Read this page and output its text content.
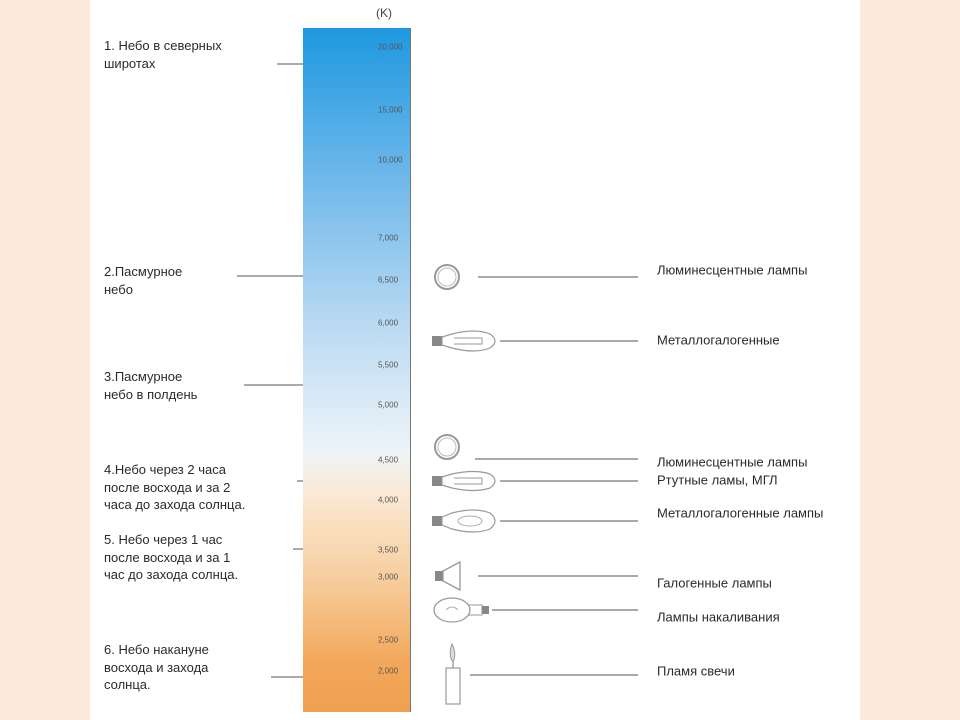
(K)
20,000
15,000
10,000
7,000
6,500
6,000
5,500
5,000
4,500
4,000
3,500
3,000
2,500
2,000
1. Небо в северных
широтах
2.Пасмурное
небо
3.Пасмурное
небо в полдень
4.Небо через 2 часа
после восхода и за 2
часа до захода солнца.
5. Небо через 1 час
после восхода и за 1
час до захода солнца.
6. Небо накануне
восхода и захода
солнца.
Люминесцентные лампы
Металлогалогенные
Люминесцентные лампы
Ртутные ламы, МГЛ
Металлогалогенные лампы
Галогенные лампы
Лампы накаливания
Пламя свечи
